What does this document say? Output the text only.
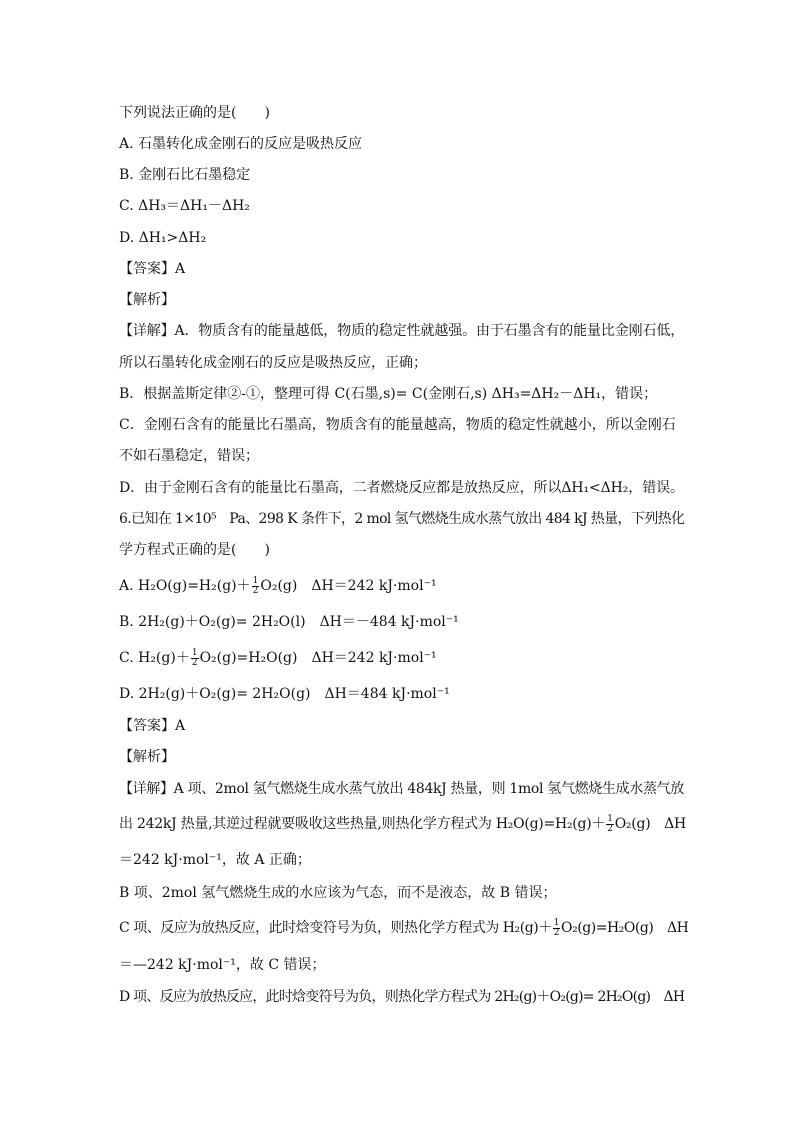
下列说法正确的是(　　)
A. 石墨转化成金刚石的反应是吸热反应
B. 金刚石比石墨稳定
C. ΔH₃＝ΔH₁－ΔH₂
D. ΔH₁>ΔH₂
【答案】A
【解析】
【详解】A．物质含有的能量越低，物质的稳定性就越强。由于石墨含有的能量比金刚石低，
所以石墨转化成金刚石的反应是吸热反应，正确；
B．根据盖斯定律②-①，整理可得 C(石墨,s)= C(金刚石,s) ΔH₃=ΔH₂－ΔH₁，错误；
C．金刚石含有的能量比石墨高，物质含有的能量越高，物质的稳定性就越小，所以金刚石
不如石墨稳定，错误；
D．由于金刚石含有的能量比石墨高，二者燃烧反应都是放热反应，所以ΔH₁<ΔH₂，错误。
6.已知在 1×10⁵　Pa、298 K 条件下，2 mol 氢气燃烧生成水蒸气放出 484 kJ 热量，下列热化
学方程式正确的是(　　)
A. $H_2O(g)=H_2(g)+ \frac{1}{2} O_2(g)$　ΔH＝242 kJ·mol⁻¹
B. 2H₂(g)＋O₂(g)= 2H₂O(l)　ΔH＝－484 kJ·mol⁻¹
C. $H_2(g)+ \frac{1}{2} O_2(g)=H_2O(g)$　ΔH＝242 kJ·mol⁻¹
D. 2H₂(g)＋O₂(g)= 2H₂O(g)　ΔH＝484 kJ·mol⁻¹
【答案】A
【解析】
【详解】A 项、2mol 氢气燃烧生成水蒸气放出 484kJ 热量，则 1mol 氢气燃烧生成水蒸气放
出 242kJ 热量,其逆过程就要吸收这些热量,则热化学方程式为 $H_2O(g)=H_2(g)+ \frac{1}{2} O_2(g)$　ΔH
＝242 kJ·mol⁻¹，故 A 正确；
B 项、2mol 氢气燃烧生成的水应该为气态，而不是液态，故 B 错误；
C 项、反应为放热反应，此时焓变符号为负，则热化学方程式为 $H_2(g)+ \frac{1}{2} O_2(g)=H_2O(g)$　ΔH
＝—242 kJ·mol⁻¹，故 C 错误；
D 项、反应为放热反应，此时焓变符号为负，则热化学方程式为 2H₂(g)＋O₂(g)= 2H₂O(g)　ΔH
